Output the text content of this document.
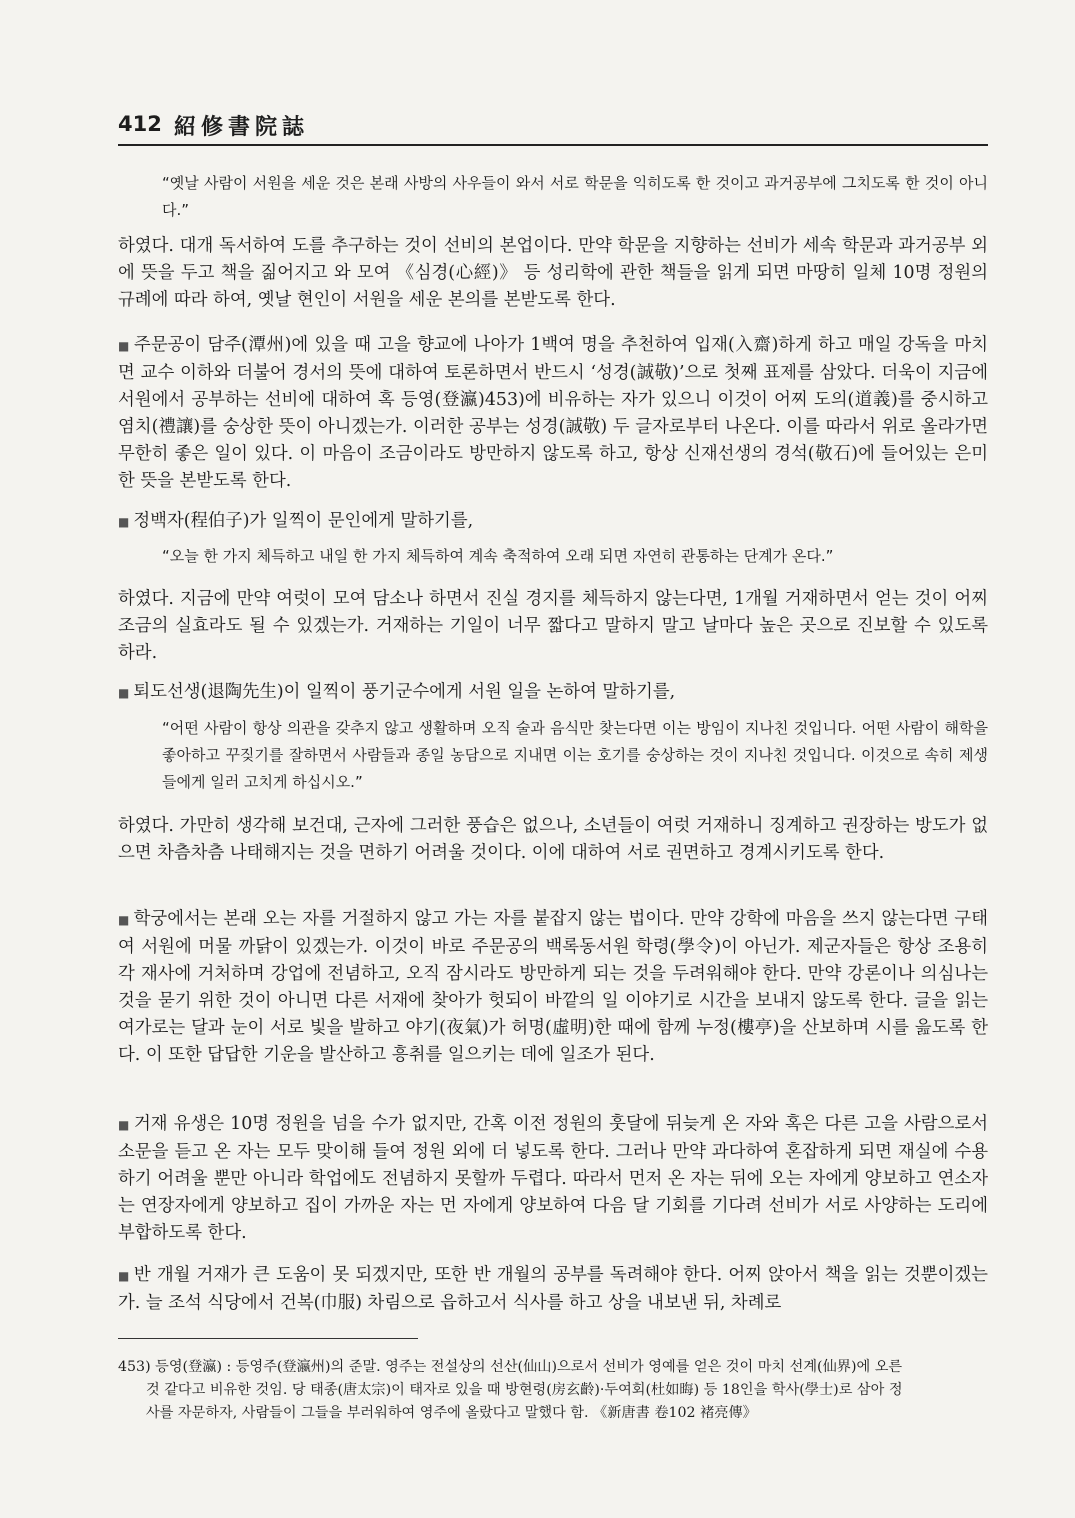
412 紹修書院誌
“옛날 사람이 서원을 세운 것은 본래 사방의 사우들이 와서 서로 학문을 익히도록 한 것이고 과거공부에 그치도록 한 것이 아니다.”
하였다. 대개 독서하여 도를 추구하는 것이 선비의 본업이다. 만약 학문을 지향하는 선비가 세속 학문과 과거공부 외에 뜻을 두고 책을 짊어지고 와 모여 《심경(心經)》 등 성리학에 관한 책들을 읽게 되면 마땅히 일체 10명 정원의 규례에 따라 하여, 옛날 현인이 서원을 세운 본의를 본받도록 한다.
■ 주문공이 담주(潭州)에 있을 때 고을 향교에 나아가 1백여 명을 추천하여 입재(入齋)하게 하고 매일 강독을 마치면 교수 이하와 더불어 경서의 뜻에 대하여 토론하면서 반드시 ‘성경(誠敬)’으로 첫째 표제를 삼았다. 더욱이 지금에 서원에서 공부하는 선비에 대하여 혹 등영(登瀛)453)에 비유하는 자가 있으니 이것이 어찌 도의(道義)를 중시하고 염치(禮讓)를 숭상한 뜻이 아니겠는가. 이러한 공부는 성경(誠敬) 두 글자로부터 나온다. 이를 따라서 위로 올라가면 무한히 좋은 일이 있다. 이 마음이 조금이라도 방만하지 않도록 하고, 항상 신재선생의 경석(敬石)에 들어있는 은미한 뜻을 본받도록 한다.
■ 정백자(程伯子)가 일찍이 문인에게 말하기를,
“오늘 한 가지 체득하고 내일 한 가지 체득하여 계속 축적하여 오래 되면 자연히 관통하는 단계가 온다.”
하였다. 지금에 만약 여럿이 모여 담소나 하면서 진실 경지를 체득하지 않는다면, 1개월 거재하면서 얻는 것이 어찌 조금의 실효라도 될 수 있겠는가. 거재하는 기일이 너무 짧다고 말하지 말고 날마다 높은 곳으로 진보할 수 있도록 하라.
■ 퇴도선생(退陶先生)이 일찍이 풍기군수에게 서원 일을 논하여 말하기를,
“어떤 사람이 항상 의관을 갖추지 않고 생활하며 오직 술과 음식만 찾는다면 이는 방임이 지나친 것입니다. 어떤 사람이 해학을 좋아하고 꾸짖기를 잘하면서 사람들과 종일 농담으로 지내면 이는 호기를 숭상하는 것이 지나친 것입니다. 이것으로 속히 제생들에게 일러 고치게 하십시오.”
하였다. 가만히 생각해 보건대, 근자에 그러한 풍습은 없으나, 소년들이 여럿 거재하니 징계하고 권장하는 방도가 없으면 차츰차츰 나태해지는 것을 면하기 어려울 것이다. 이에 대하여 서로 권면하고 경계시키도록 한다.
■ 학궁에서는 본래 오는 자를 거절하지 않고 가는 자를 붙잡지 않는 법이다. 만약 강학에 마음을 쓰지 않는다면 구태여 서원에 머물 까닭이 있겠는가. 이것이 바로 주문공의 백록동서원 학령(學令)이 아닌가. 제군자들은 항상 조용히 각 재사에 거처하며 강업에 전념하고, 오직 잠시라도 방만하게 되는 것을 두려워해야 한다. 만약 강론이나 의심나는 것을 묻기 위한 것이 아니면 다른 서재에 찾아가 헛되이 바깥의 일 이야기로 시간을 보내지 않도록 한다. 글을 읽는 여가로는 달과 눈이 서로 빛을 발하고 야기(夜氣)가 허명(虛明)한 때에 함께 누정(樓亭)을 산보하며 시를 읊도록 한다. 이 또한 답답한 기운을 발산하고 흥취를 일으키는 데에 일조가 된다.
■ 거재 유생은 10명 정원을 넘을 수가 없지만, 간혹 이전 정원의 훗달에 뒤늦게 온 자와 혹은 다른 고을 사람으로서 소문을 듣고 온 자는 모두 맞이해 들여 정원 외에 더 넣도록 한다. 그러나 만약 과다하여 혼잡하게 되면 재실에 수용하기 어려울 뿐만 아니라 학업에도 전념하지 못할까 두렵다. 따라서 먼저 온 자는 뒤에 오는 자에게 양보하고 연소자는 연장자에게 양보하고 집이 가까운 자는 먼 자에게 양보하여 다음 달 기회를 기다려 선비가 서로 사양하는 도리에 부합하도록 한다.
■ 반 개월 거재가 큰 도움이 못 되겠지만, 또한 반 개월의 공부를 독려해야 한다. 어찌 앉아서 책을 읽는 것뿐이겠는가. 늘 조석 식당에서 건복(巾服) 차림으로 읍하고서 식사를 하고 상을 내보낸 뒤, 차례로
453) 등영(登瀛) : 등영주(登瀛州)의 준말. 영주는 전설상의 선산(仙山)으로서 선비가 영예를 얻은 것이 마치 선계(仙界)에 오른
것 같다고 비유한 것임. 당 태종(唐太宗)이 태자로 있을 때 방현령(房玄齡)·두여회(杜如晦) 등 18인을 학사(學士)로 삼아 정
사를 자문하자, 사람들이 그들을 부러워하여 영주에 올랐다고 말했다 함. 《新唐書 卷102 褚亮傳》
